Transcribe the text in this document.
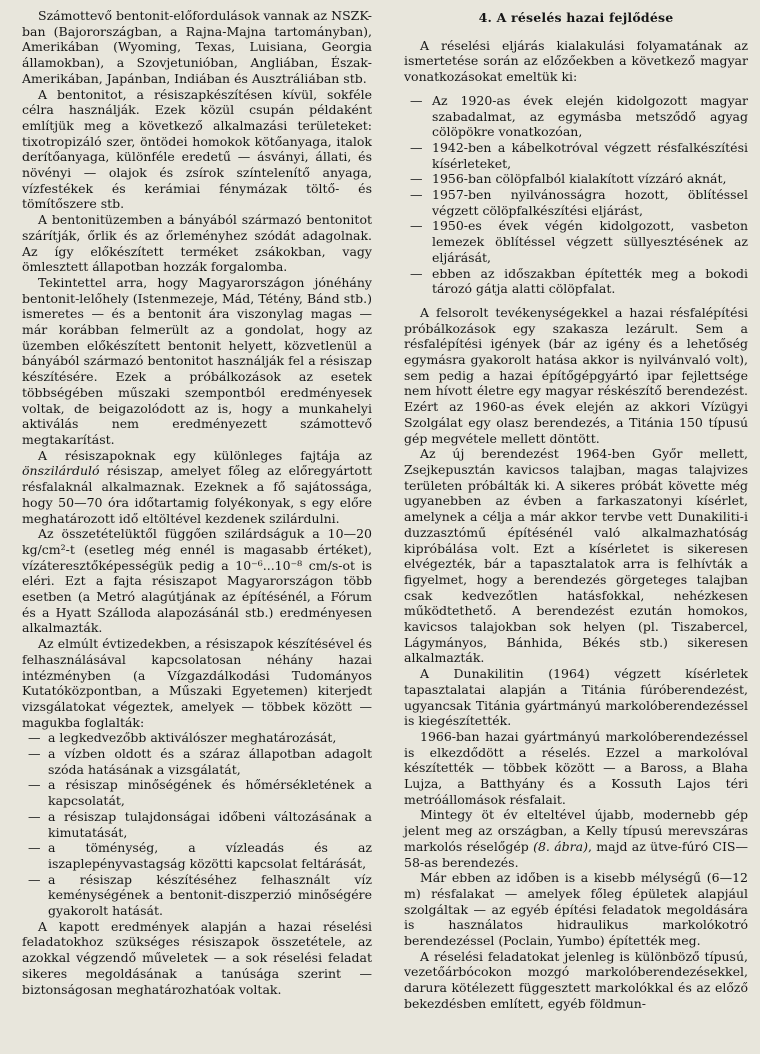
Számottevő bentonit-előfordulások vannak az NSZK-ban (Bajorországban, a Rajna-Majna tartományban), Amerikában (Wyoming, Texas, Luisiana, Georgia államokban), a Szovjetunióban, Angliában, Észak-Amerikában, Japánban, Indiában és Ausztráliában stb.

A bentonitot, a résiszapkészítésen kívül, sokféle célra használják. Ezek közül csupán példaként említjük meg a következő alkalmazási területeket: tixotropizáló szer, öntödei homokok kötőanyaga, italok derítőanyaga, különféle eredetű — ásványi, állati, és növényi — olajok és zsírok színtelenítő anyaga, vízfestékek és kerámiai fénymázak töltő- és tömítőszere stb.

A bentonitüzemben a bányából származó bentonitot szárítják, őrlik és az őrleményhez szódát adagolnak. Az így előkészített terméket zsákokban, vagy ömlesztett állapotban hozzák forgalomba.

Tekintettel arra, hogy Magyarországon jónéhány bentonit-lelőhely (Istenmezeje, Mád, Tétény, Bánd stb.) ismeretes — és a bentonit ára viszonylag magas — már korábban felmerült az a gondolat, hogy az üzemben előkészített bentonit helyett, közvetlenül a bányából származó bentonitot használják fel a résiszap készítésére. Ezek a próbálkozások az esetek többségében műszaki szempontból eredményesek voltak, de beigazolódott az is, hogy a munkahelyi aktiválás nem eredményezett számottevő megtakarítást.

A résiszapoknak egy különleges fajtája az önszilárduló résiszap, amelyet főleg az előregyártott résfalaknál alkalmaznak. Ezeknek a fő sajátossága, hogy 50—70 óra időtartamig folyékonyak, s egy előre meghatározott idő eltöltével kezdenek szilárdulni.

Az összetételüktől függően szilárdságuk a 10—20 kg/cm²-t (esetleg még ennél is magasabb értéket), vízáteresztőképességük pedig a 10⁻⁶...10⁻⁸ cm/s-ot is eléri. Ezt a fajta résiszapot Magyarországon több esetben (a Metró alagútjának az építésénél, a Fórum és a Hyatt Szálloda alapozásánál stb.) eredményesen alkalmazták.

Az elmúlt évtizedekben, a résiszapok készítésével és felhasználásával kapcsolatosan néhány hazai intézményben (a Vízgazdálkodási Tudományos Kutatóközpontban, a Műszaki Egyetemen) kiterjedt vizsgálatokat végeztek, amelyek — többek között — magukba foglalták:

— a legkedvezőbb aktiválószer meghatározását,
— a vízben oldott és a száraz állapotban adagolt szóda hatásának a vizsgálatát,
— a résiszap minőségének és hőmérsékletének a kapcsolatát,
— a résiszap tulajdonságai időbeni változásának a kimutatását,
— a töménység, a vízleadás és az iszaplepényvastagság közötti kapcsolat feltárását,
— a résiszap készítéséhez felhasznált víz keménységének a bentonit-diszperzió minőségére gyakorolt hatását.

A kapott eredmények alapján a hazai réselési feladatokhoz szükséges résiszapok összetétele, az azokkal végzendő műveletek — a sok réselési feladat sikeres megoldásának a tanúsága szerint — biztonságosan meghatározhatóak voltak.

4. A réselés hazai fejlődése

A réselési eljárás kialakulási folyamatának az ismertetése során az előzőekben a következő magyar vonatkozásokat emeltük ki:

— Az 1920-as évek elején kidolgozott magyar szabadalmat, az egymásba metsződő agyag cölöpökre vonatkozóan,
— 1942-ben a kábelkotróval végzett résfalkészítési kísérleteket,
— 1956-ban cölöpfalból kialakított vízzáró aknát,
— 1957-ben nyilvánosságra hozott, öblítéssel végzett cölöpfalkészítési eljárást,
— 1950-es évek végén kidolgozott, vasbeton lemezek öblítéssel végzett süllyesztésének az eljárását,
— ebben az időszakban építették meg a bokodi tározó gátja alatti cölöpfalat.

A felsorolt tevékenységekkel a hazai résfalépítési próbálkozások egy szakasza lezárult. Sem a résfalépítési igények (bár az igény és a lehetőség egymásra gyakorolt hatása akkor is nyilvánvaló volt), sem pedig a hazai építőgépgyártó ipar fejlettsége nem hívott életre egy magyar réskészítő berendezést. Ezért az 1960-as évek elején az akkori Vízügyi Szolgálat egy olasz berendezés, a Titánia 150 típusú gép megvétele mellett döntött.

Az új berendezést 1964-ben Győr mellett, Zsejkepusztán kavicsos talajban, magas talajvizes területen próbálták ki. A sikeres próbát követte még ugyanebben az évben a farkaszatonyi kísérlet, amelynek a célja a már akkor tervbe vett Dunakiliti-i duzzasztómű építésénél való alkalmazhatóság kipróbálása volt. Ezt a kísérletet is sikeresen elvégezték, bár a tapasztalatok arra is felhívták a figyelmet, hogy a berendezés görgeteges talajban csak kedvezőtlen hatásfokkal, nehézkesen működtethető. A berendezést ezután homokos, kavicsos talajokban sok helyen (pl. Tiszabercel, Lágymányos, Bánhida, Békés stb.) sikeresen alkalmazták.

A Dunakilitin (1964) végzett kísérletek tapasztalatai alapján a Titánia fúróberendezést, ugyancsak Titánia gyártmányú markolóberendezéssel is kiegészítették.

1966-ban hazai gyártmányú markolóberendezéssel is elkezdődött a réselés. Ezzel a markolóval készítették — többek között — a Baross, a Blaha Lujza, a Batthyány és a Kossuth Lajos téri metróállomások résfalait.

Mintegy öt év elteltével újabb, modernebb gép jelent meg az országban, a Kelly típusú merevszáras markolós réselőgép (8. ábra), majd az ütve-fúró CIS—58-as berendezés.

Már ebben az időben is a kisebb mélységű (6—12 m) résfalakat — amelyek főleg épületek alapjául szolgáltak — az egyéb építési feladatok megoldására is használatos hidraulikus markolókotró berendezéssel (Poclain, Yumbo) építették meg.

A réselési feladatokat jelenleg is különböző típusú, vezetőárbócokon mozgó markolóberendezésekkel, darura kötélezett függesztett markolókkal és az előző bekezdésben említett, egyéb földmun-
